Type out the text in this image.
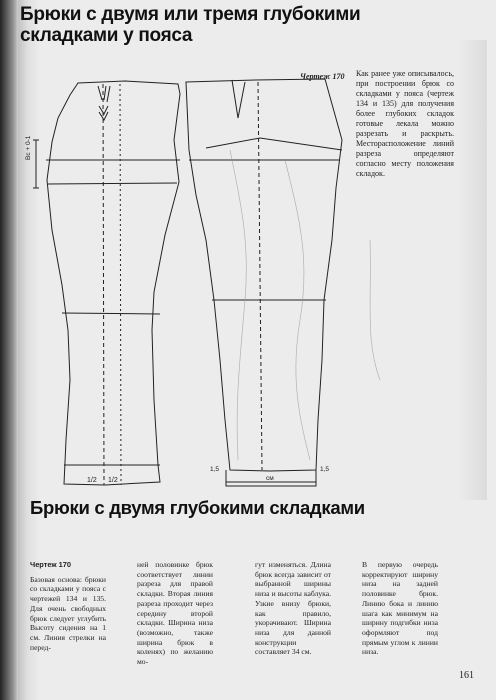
Брюки с двумя или тремя глубокими складками у пояса
Вс + 0-1
1/2 1/2
1,5	1,5
см
Чертеж 170 Как ранее уже описывалось, при построении брюк со складками у пояса (чертеж 134 и 135) для получения более глубоких складок готовые лекала можно разрезать и раскрыть. Месторасположение линий разреза определяют согласно месту положения складок.
Брюки с двумя глубокими складками

Чертеж 170

Базовая основа: брюки со складками у пояса с чертежей 134 и 135. Для очень свободных брюк следует углубить Высоту сидения на 1 см. Линия стрелки на перед-

ней половинке брюк соответствует линии разреза для правой складки. Вторая линия разреза проходит через середину второй складки. Ширина низа (возможно, также ширина брюк в коленях) по желанию мо-

гут изменяться. Длина брюк всегда зависит от выбранной ширины низа и высоты каблука. Узкие внизу брюки, как правило, укорачивают. Ширина низа для данной конструкции составляет 34 см.

В первую очередь корректируют ширину низа на задней половинке брюк. Линию бока и линию шага как минимум на ширину подгибки низа оформляют под прямым углом к линии низа.

161
